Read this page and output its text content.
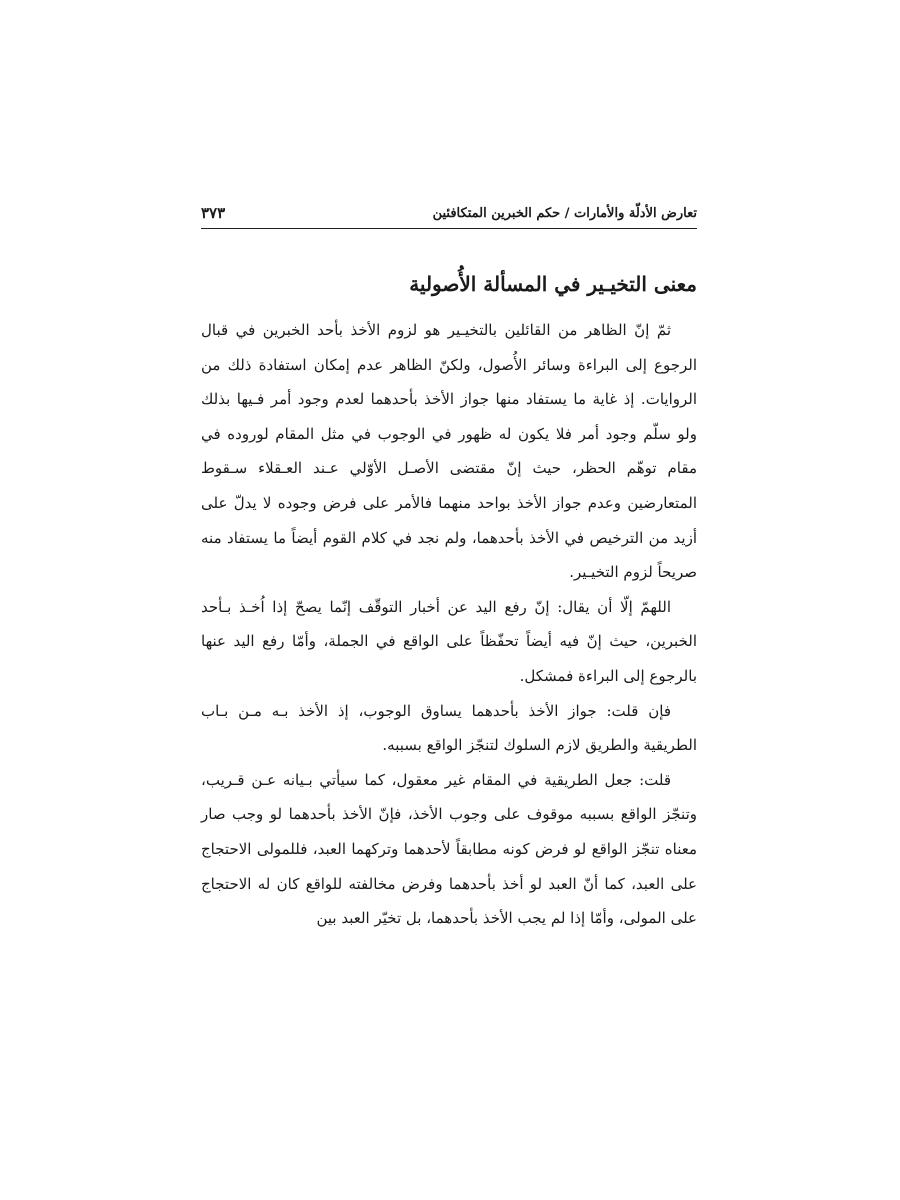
تعارض الأدلّة والأمارات / حكم الخبرين المتكافئين
٣٧٣
معنى التخيـير في المسألة الأُصولية

ثمّ إنّ الظاهر من القائلين بالتخيـير هو لزوم الأخذ بأحد الخبرين في قبال الرجوع إلى البراءة وسائر الأُصول، ولكنّ الظاهر عدم إمكان استفادة ذلك من الروايات. إذ غاية ما يستفاد منها جواز الأخذ بأحدهما لعدم وجود أمر فـيها بذلك ولو سلّم وجود أمر فلا يكون له ظهور في الوجوب في مثل المقام لوروده في مقام توهّم الحظر، حيث إنّ مقتضى الأصـل الأوّلي عـند العـقلاء سـقوط المتعارضين وعدم جواز الأخذ بواحد منهما فالأمر على فرض وجوده لا يدلّ على أزيد من الترخيص في الأخذ بأحدهما، ولم نجد في كلام القوم أيضاً ما يستفاد منه صريحاً لزوم التخيـير.

اللهمّ إلّا أن يقال: إنّ رفع اليد عن أخبار التوقّف إنّما يصحّ إذا اُخـذ بـأحد الخبرين، حيث إنّ فيه أيضاً تحفّظاً على الواقع في الجملة، وأمّا رفع اليد عنها بالرجوع إلى البراءة فمشكل.

فإن قلت: جواز الأخذ بأحدهما يساوق الوجوب، إذ الأخذ بـه مـن بـاب الطريقية والطريق لازم السلوك لتنجّز الواقع بسببه.

قلت: جعل الطريقية في المقام غير معقول، كما سيأتي بـيانه عـن قـريب، وتنجّز الواقع بسببه موقوف على وجوب الأخذ، فإنّ الأخذ بأحدهما لو وجب صار معناه تنجّز الواقع لو فرض كونه مطابقاً لأحدهما وتركهما العبد، فللمولى الاحتجاج على العبد، كما أنّ العبد لو أخذ بأحدهما وفرض مخالفته للواقع كان له الاحتجاج على المولى، وأمّا إذا لم يجب الأخذ بأحدهما، بل تخيّر العبد بين
